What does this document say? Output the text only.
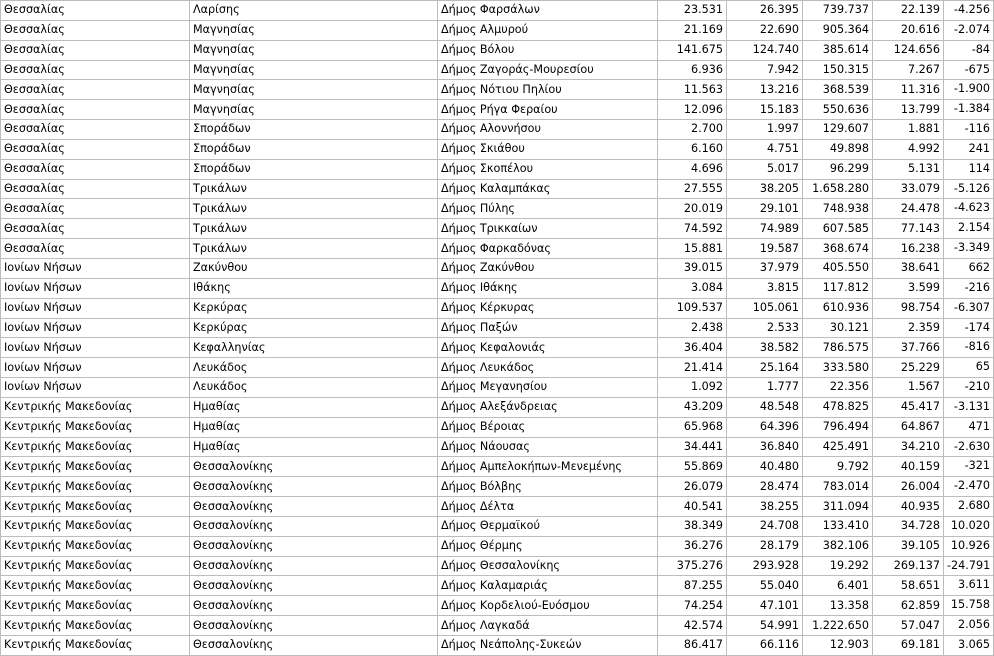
Θεσσαλίας	Λαρίσης	Δήμος Φαρσάλων	23.531	26.395	739.737	22.139	-4.256
Θεσσαλίας	Μαγνησίας	Δήμος Αλμυρού	21.169	22.690	905.364	20.616	-2.074
Θεσσαλίας	Μαγνησίας	Δήμος Βόλου	141.675	124.740	385.614	124.656	-84
Θεσσαλίας	Μαγνησίας	Δήμος Ζαγοράς-Μουρεσίου	6.936	7.942	150.315	7.267	-675
Θεσσαλίας	Μαγνησίας	Δήμος Νότιου Πηλίου	11.563	13.216	368.539	11.316	-1.900
Θεσσαλίας	Μαγνησίας	Δήμος Ρήγα Φεραίου	12.096	15.183	550.636	13.799	-1.384
Θεσσαλίας	Σποράδων	Δήμος Αλοννήσου	2.700	1.997	129.607	1.881	-116
Θεσσαλίας	Σποράδων	Δήμος Σκιάθου	6.160	4.751	49.898	4.992	241
Θεσσαλίας	Σποράδων	Δήμος Σκοπέλου	4.696	5.017	96.299	5.131	114
Θεσσαλίας	Τρικάλων	Δήμος Καλαμπάκας	27.555	38.205	1.658.280	33.079	-5.126
Θεσσαλίας	Τρικάλων	Δήμος Πύλης	20.019	29.101	748.938	24.478	-4.623
Θεσσαλίας	Τρικάλων	Δήμος Τρικκαίων	74.592	74.989	607.585	77.143	2.154
Θεσσαλίας	Τρικάλων	Δήμος Φαρκαδόνας	15.881	19.587	368.674	16.238	-3.349
Ιονίων Νήσων	Ζακύνθου	Δήμος Ζακύνθου	39.015	37.979	405.550	38.641	662
Ιονίων Νήσων	Ιθάκης	Δήμος Ιθάκης	3.084	3.815	117.812	3.599	-216
Ιονίων Νήσων	Κερκύρας	Δήμος Κέρκυρας	109.537	105.061	610.936	98.754	-6.307
Ιονίων Νήσων	Κερκύρας	Δήμος Παξών	2.438	2.533	30.121	2.359	-174
Ιονίων Νήσων	Κεφαλληνίας	Δήμος Κεφαλονιάς	36.404	38.582	786.575	37.766	-816
Ιονίων Νήσων	Λευκάδος	Δήμος Λευκάδος	21.414	25.164	333.580	25.229	65
Ιονίων Νήσων	Λευκάδος	Δήμος Μεγανησίου	1.092	1.777	22.356	1.567	-210
Κεντρικής Μακεδονίας	Ημαθίας	Δήμος Αλεξάνδρειας	43.209	48.548	478.825	45.417	-3.131
Κεντρικής Μακεδονίας	Ημαθίας	Δήμος Βέροιας	65.968	64.396	796.494	64.867	471
Κεντρικής Μακεδονίας	Ημαθίας	Δήμος Νάουσας	34.441	36.840	425.491	34.210	-2.630
Κεντρικής Μακεδονίας	Θεσσαλονίκης	Δήμος Αμπελοκήπων-Μενεμένης	55.869	40.480	9.792	40.159	-321
Κεντρικής Μακεδονίας	Θεσσαλονίκης	Δήμος Βόλβης	26.079	28.474	783.014	26.004	-2.470
Κεντρικής Μακεδονίας	Θεσσαλονίκης	Δήμος Δέλτα	40.541	38.255	311.094	40.935	2.680
Κεντρικής Μακεδονίας	Θεσσαλονίκης	Δήμος Θερμαϊκού	38.349	24.708	133.410	34.728	10.020
Κεντρικής Μακεδονίας	Θεσσαλονίκης	Δήμος Θέρμης	36.276	28.179	382.106	39.105	10.926
Κεντρικής Μακεδονίας	Θεσσαλονίκης	Δήμος Θεσσαλονίκης	375.276	293.928	19.292	269.137	-24.791
Κεντρικής Μακεδονίας	Θεσσαλονίκης	Δήμος Καλαμαριάς	87.255	55.040	6.401	58.651	3.611
Κεντρικής Μακεδονίας	Θεσσαλονίκης	Δήμος Κορδελιού-Ευόσμου	74.254	47.101	13.358	62.859	15.758
Κεντρικής Μακεδονίας	Θεσσαλονίκης	Δήμος Λαγκαδά	42.574	54.991	1.222.650	57.047	2.056
Κεντρικής Μακεδονίας	Θεσσαλονίκης	Δήμος Νεάπολης-Συκεών	86.417	66.116	12.903	69.181	3.065
